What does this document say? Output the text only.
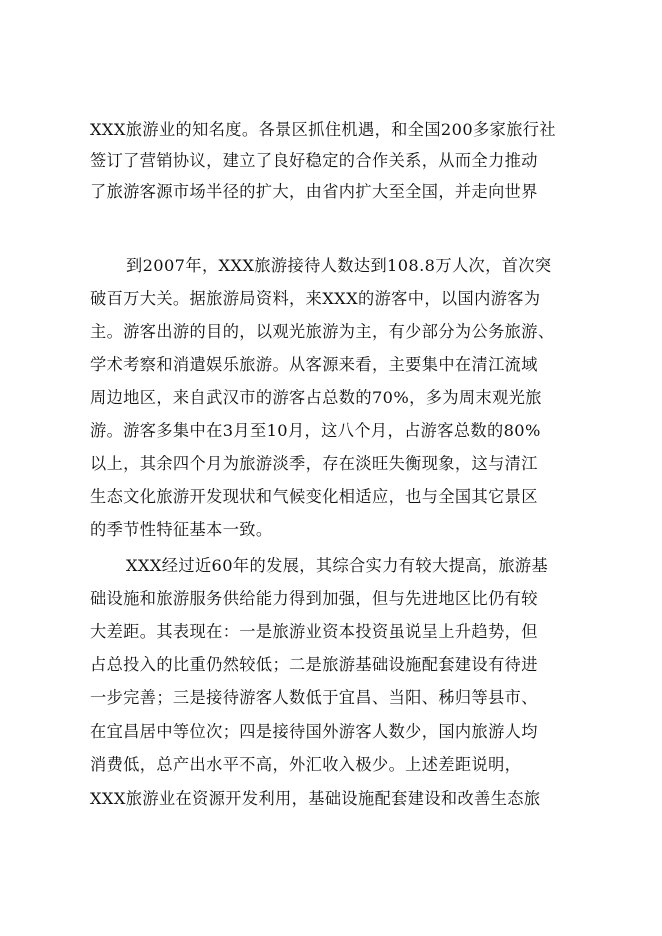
XXX旅游业的知名度。各景区抓住机遇，和全国200多家旅行社
签订了营销协议，建立了良好稳定的合作关系，从而全力推动
了旅游客源市场半径的扩大，由省内扩大至全国，并走向世界
到2007年，XXX旅游接待人数达到108.8万人次，首次突
破百万大关。据旅游局资料，来XXX的游客中，以国内游客为
主。游客出游的目的，以观光旅游为主，有少部分为公务旅游、
学术考察和消遣娱乐旅游。从客源来看，主要集中在清江流域
周边地区，来自武汉市的游客占总数的70%，多为周末观光旅
游。游客多集中在3月至10月，这八个月，占游客总数的80%
以上，其余四个月为旅游淡季，存在淡旺失衡现象，这与清江
生态文化旅游开发现状和气候变化相适应，也与全国其它景区
的季节性特征基本一致。
XXX经过近60年的发展，其综合实力有较大提高，旅游基
础设施和旅游服务供给能力得到加强，但与先进地区比仍有较
大差距。其表现在：一是旅游业资本投资虽说呈上升趋势，但
占总投入的比重仍然较低；二是旅游基础设施配套建设有待进
一步完善；三是接待游客人数低于宜昌、当阳、秭归等县市、
在宜昌居中等位次；四是接待国外游客人数少，国内旅游人均
消费低，总产出水平不高，外汇收入极少。上述差距说明，
XXX旅游业在资源开发利用，基础设施配套建设和改善生态旅
